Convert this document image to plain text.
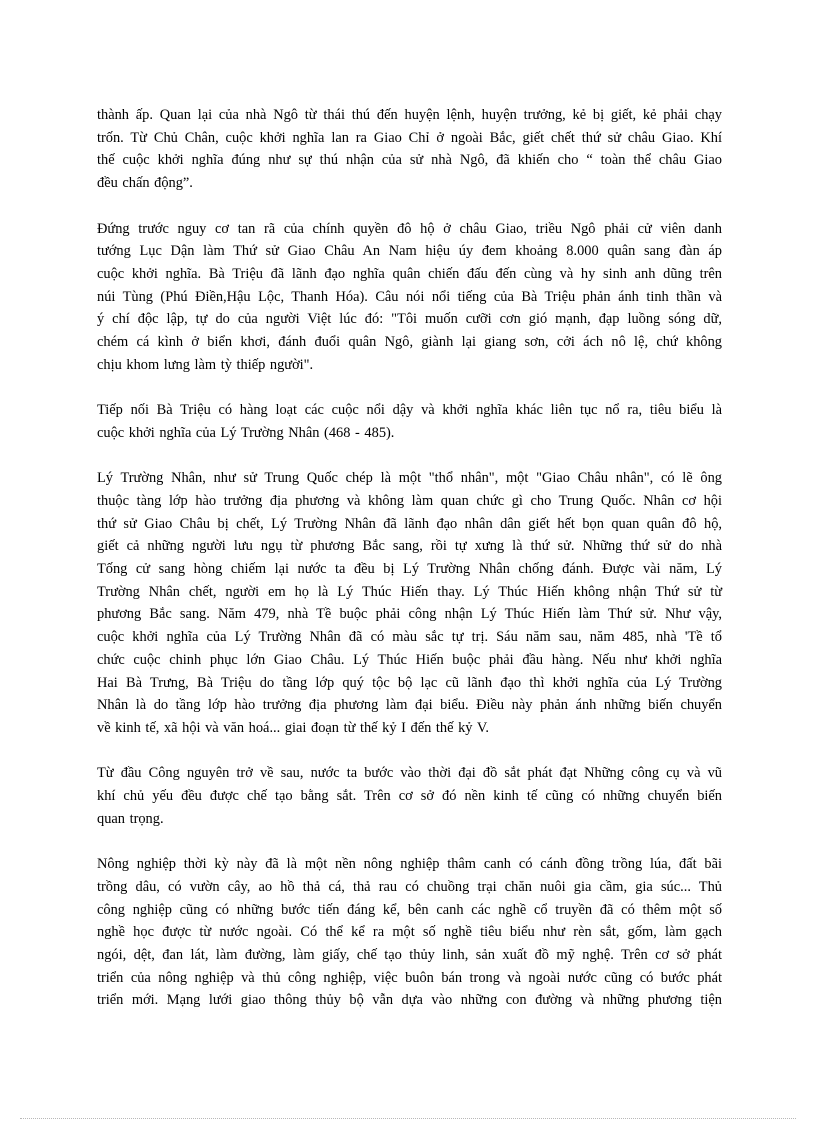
thành ấp. Quan lại của nhà Ngô từ thái thú đến huyện lệnh, huyện trưởng, kẻ bị giết, kẻ phải chạy
trốn. Từ Chủ Chân, cuộc khởi nghĩa lan ra Giao Chỉ ở ngoài Bắc, giết chết thứ sử châu Giao. Khí
thế cuộc khởi nghĩa đúng như sự thú nhận của sử nhà Ngô, đã khiến cho “ toàn thể châu Giao
đều chấn động”.

Đứng trước nguy cơ tan rã của chính quyền đô hộ ở châu Giao, triều Ngô phải cử viên danh
tướng Lục Dận làm Thứ sử Giao Châu An Nam hiệu úy đem khoảng 8.000 quân sang đàn áp
cuộc khởi nghĩa. Bà Triệu đã lãnh đạo nghĩa quân chiến đấu đến cùng và hy sinh anh dũng trên
núi Tùng (Phú Điền,Hậu Lộc, Thanh Hóa). Câu nói nổi tiếng của Bà Triệu phản ánh tinh thần và
ý chí độc lập, tự do của người Việt lúc đó: "Tôi muốn cưỡi cơn gió mạnh, đạp luồng sóng dữ,
chém cá kình ở biển khơi, đánh đuổi quân Ngô, giành lại giang sơn, cởi ách nô lệ, chứ không
chịu khom lưng làm tỳ thiếp người".

Tiếp nối Bà Triệu có hàng loạt các cuộc nổi dậy và khởi nghĩa khác liên tục nổ ra, tiêu biểu là
cuộc khởi nghĩa của Lý Trường Nhân (468 - 485).

Lý Trường Nhân, như sử Trung Quốc chép là một "thổ nhân", một "Giao Châu nhân", có lẽ ông
thuộc tàng lớp hào trưởng địa phương và không làm quan chức gì cho Trung Quốc. Nhân cơ hội
thứ sử Giao Châu bị chết, Lý Trường Nhân đã lãnh đạo nhân dân giết hết bọn quan quân đô hộ,
giết cả những người lưu ngụ từ phương Bắc sang, rồi tự xưng là thứ sử. Những thứ sử do nhà
Tống cử sang hòng chiếm lại nước ta đều bị Lý Trường Nhân chống đánh. Được vài năm, Lý
Trường Nhân chết, người em họ là Lý Thúc Hiến thay. Lý Thúc Hiến không nhận Thứ sử từ
phương Bắc sang. Năm 479, nhà Tề buộc phải công nhận Lý Thúc Hiến làm Thứ sử. Như vậy,
cuộc khởi nghĩa của Lý Trường Nhân đã có màu sắc tự trị. Sáu năm sau, năm 485, nhà 'Tề tổ
chức cuộc chinh phục lớn Giao Châu. Lý Thúc Hiến buộc phải đầu hàng. Nếu như khởi nghĩa
Hai Bà Trưng, Bà Triệu do tầng lớp quý tộc bộ lạc cũ lãnh đạo thì khởi nghĩa của Lý Trường
Nhân là do tầng lớp hào trưởng địa phương làm đại biểu. Điều này phản ánh những biến chuyển
về kinh tế, xã hội và văn hoá... giai đoạn từ thế kỷ I đến thế kỷ V.

Từ đầu Công nguyên trở về sau, nước ta bước vào thời đại đồ sắt phát đạt Những công cụ và vũ
khí chủ yếu đều được chế tạo bằng sắt. Trên cơ sở đó nền kinh tế cũng có những chuyển biến
quan trọng.

Nông nghiệp thời kỳ này đã là một nền nông nghiệp thâm canh có cánh đồng trồng lúa, đất bãi
trồng dâu, có vườn cây, ao hồ thả cá, thả rau có chuồng trại chăn nuôi gia cầm, gia súc... Thủ
công nghiệp cũng có những bước tiến đáng kể, bên canh các nghề cổ truyền đã có thêm một số
nghề học được từ nước ngoài. Có thể kể ra một số nghề tiêu biểu như rèn sắt, gốm, làm gạch
ngói, dệt, đan lát, làm đường, làm giấy, chế tạo thủy linh, sản xuất đồ mỹ nghệ. Trên cơ sở phát
triển của nông nghiệp và thủ công nghiệp, việc buôn bán trong và ngoài nước cũng có bước phát
triển mới. Mạng lưới giao thông thủy bộ vẫn dựa vào những con đường và những phương tiện
